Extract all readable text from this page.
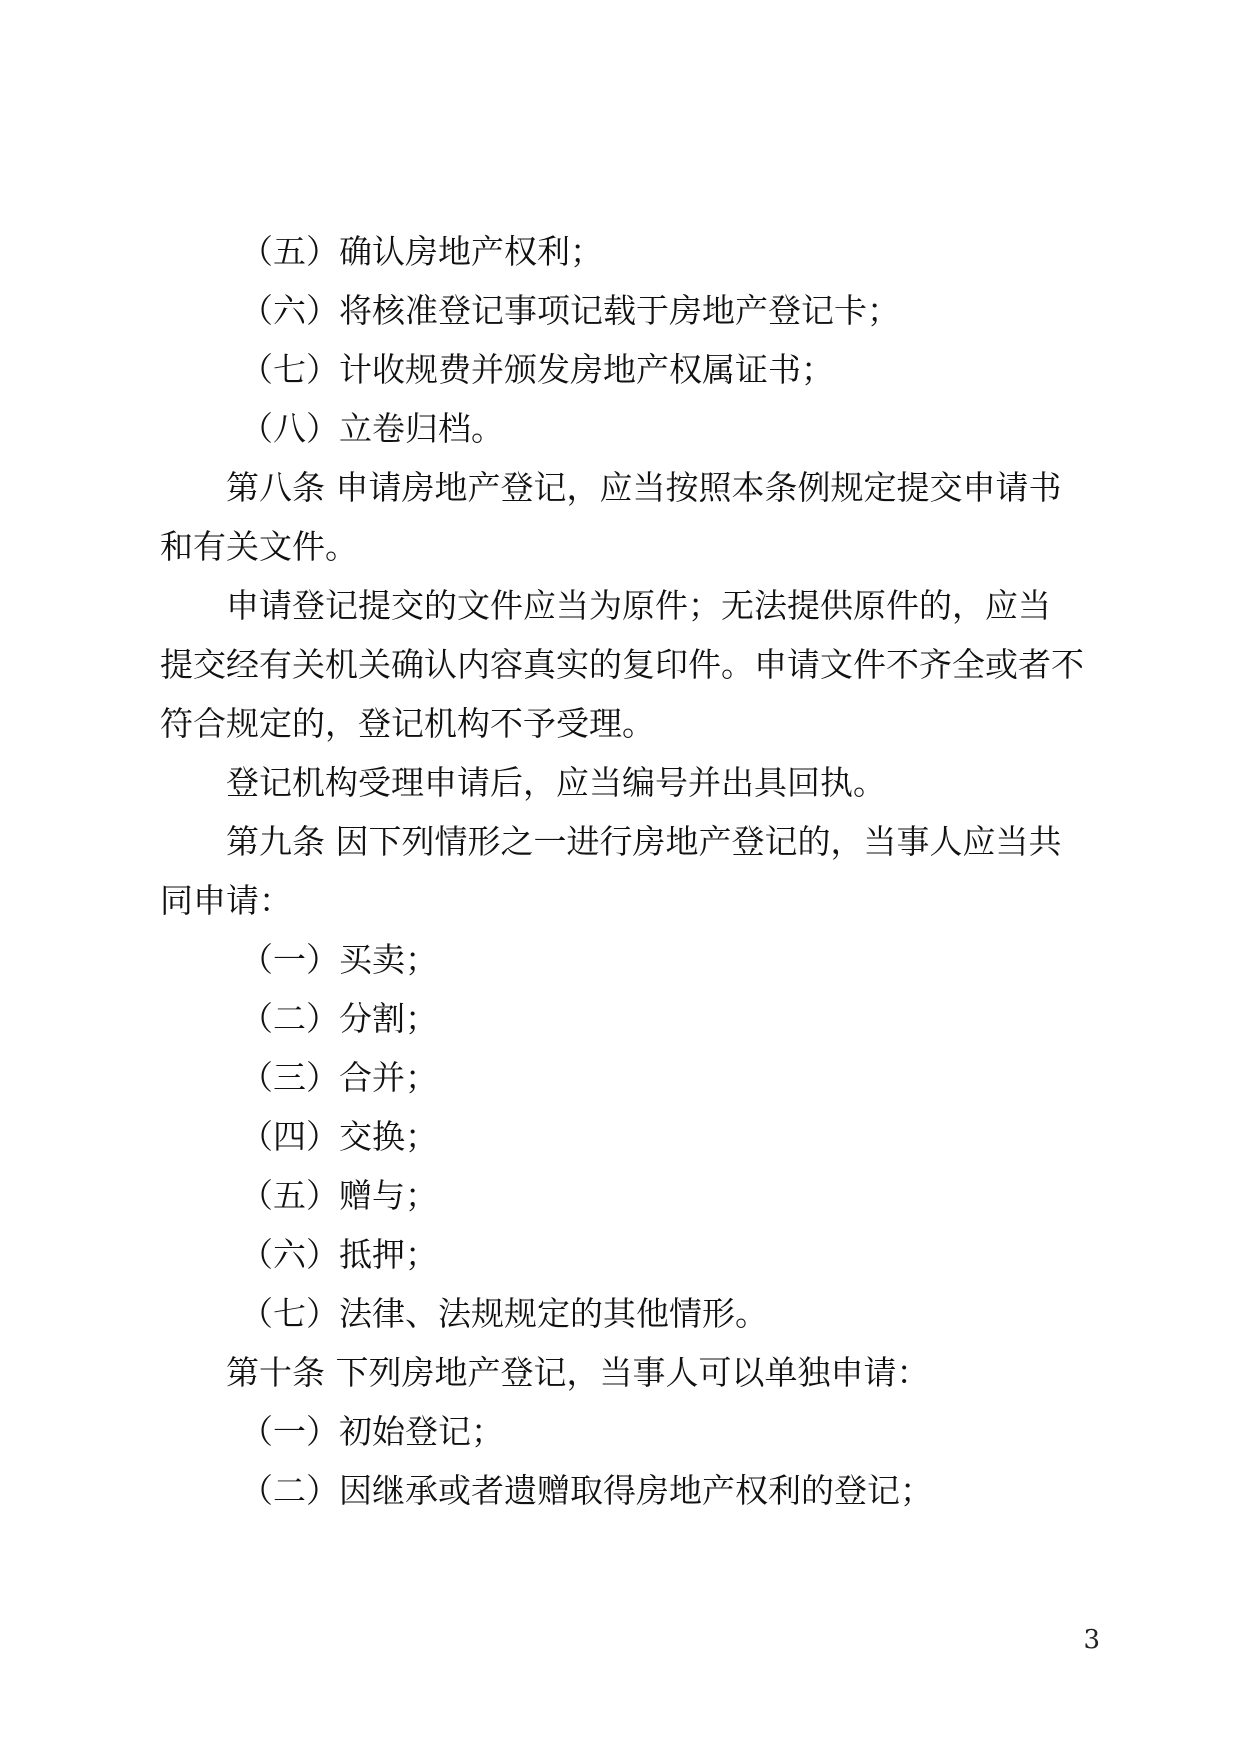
（五）确认房地产权利；
（六）将核准登记事项记载于房地产登记卡；
（七）计收规费并颁发房地产权属证书；
（八）立卷归档。
第八条 申请房地产登记，应当按照本条例规定提交申请书
和有关文件。
申请登记提交的文件应当为原件；无法提供原件的，应当
提交经有关机关确认内容真实的复印件。申请文件不齐全或者不
符合规定的，登记机构不予受理。
登记机构受理申请后，应当编号并出具回执。
第九条 因下列情形之一进行房地产登记的，当事人应当共
同申请：
（一）买卖；
（二）分割；
（三）合并；
（四）交换；
（五）赠与；
（六）抵押；
（七）法律、法规规定的其他情形。
第十条 下列房地产登记，当事人可以单独申请：
（一）初始登记；
（二）因继承或者遗赠取得房地产权利的登记；
3
